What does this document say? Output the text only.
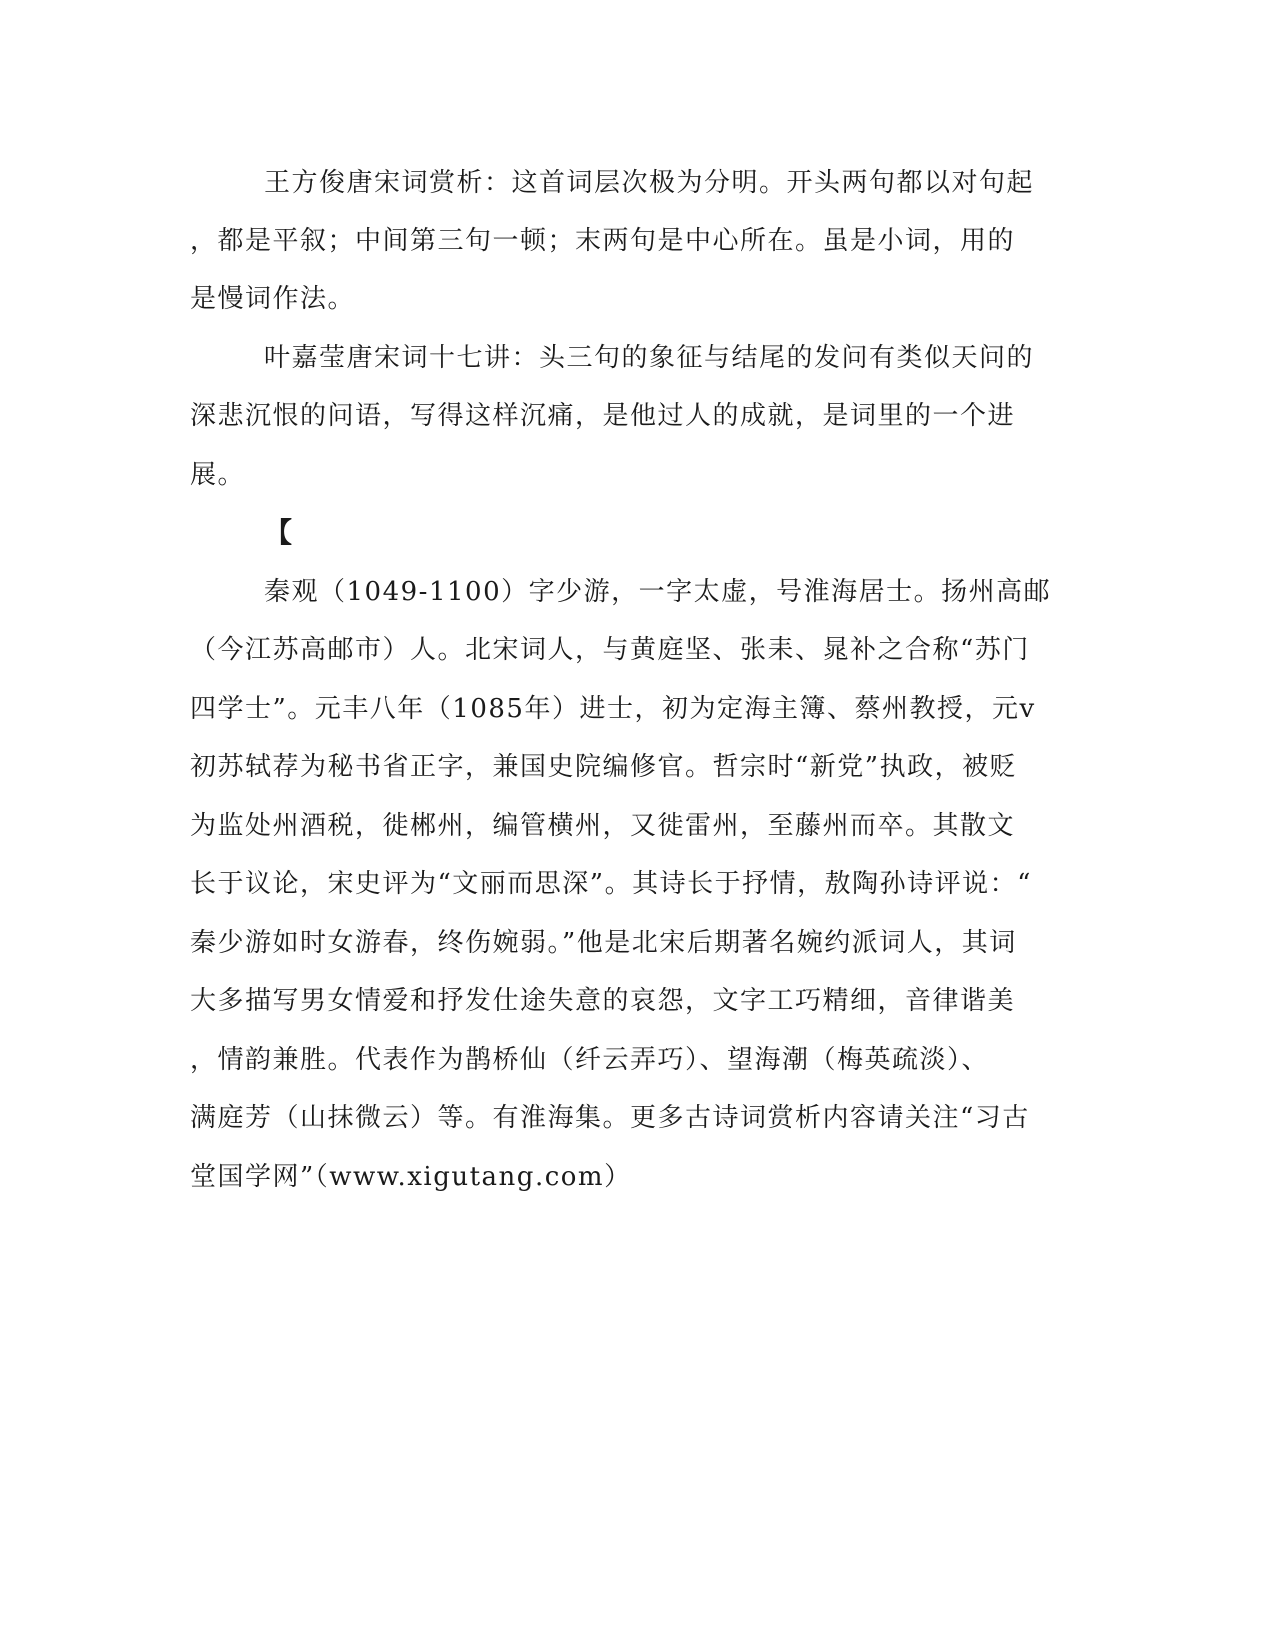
王方俊唐宋词赏析：这首词层次极为分明。开头两句都以对句起
，都是平叙；中间第三句一顿；末两句是中心所在。虽是小词，用的
是慢词作法。
叶嘉莹唐宋词十七讲：头三句的象征与结尾的发问有类似天问的
深悲沉恨的问语，写得这样沉痛，是他过人的成就，是词里的一个进
展。
【
秦观（1049-1100）字少游，一字太虚，号淮海居士。扬州高邮
（今江苏高邮市）人。北宋词人，与黄庭坚、张耒、晁补之合称“苏门
四学士”。元丰八年（1085年）进士，初为定海主簿、蔡州教授，元v
初苏轼荐为秘书省正字，兼国史院编修官。哲宗时“新党”执政，被贬
为监处州酒税，徙郴州，编管横州，又徙雷州，至藤州而卒。其散文
长于议论，宋史评为“文丽而思深”。其诗长于抒情，敖陶孙诗评说：“
秦少游如时女游春，终伤婉弱。”他是北宋后期著名婉约派词人，其词
大多描写男女情爱和抒发仕途失意的哀怨，文字工巧精细，音律谐美
，情韵兼胜。代表作为鹊桥仙（纤云弄巧）、望海潮（梅英疏淡）、
满庭芳（山抹微云）等。有淮海集。更多古诗词赏析内容请关注“习古
堂国学网”（www.xigutang.com）
